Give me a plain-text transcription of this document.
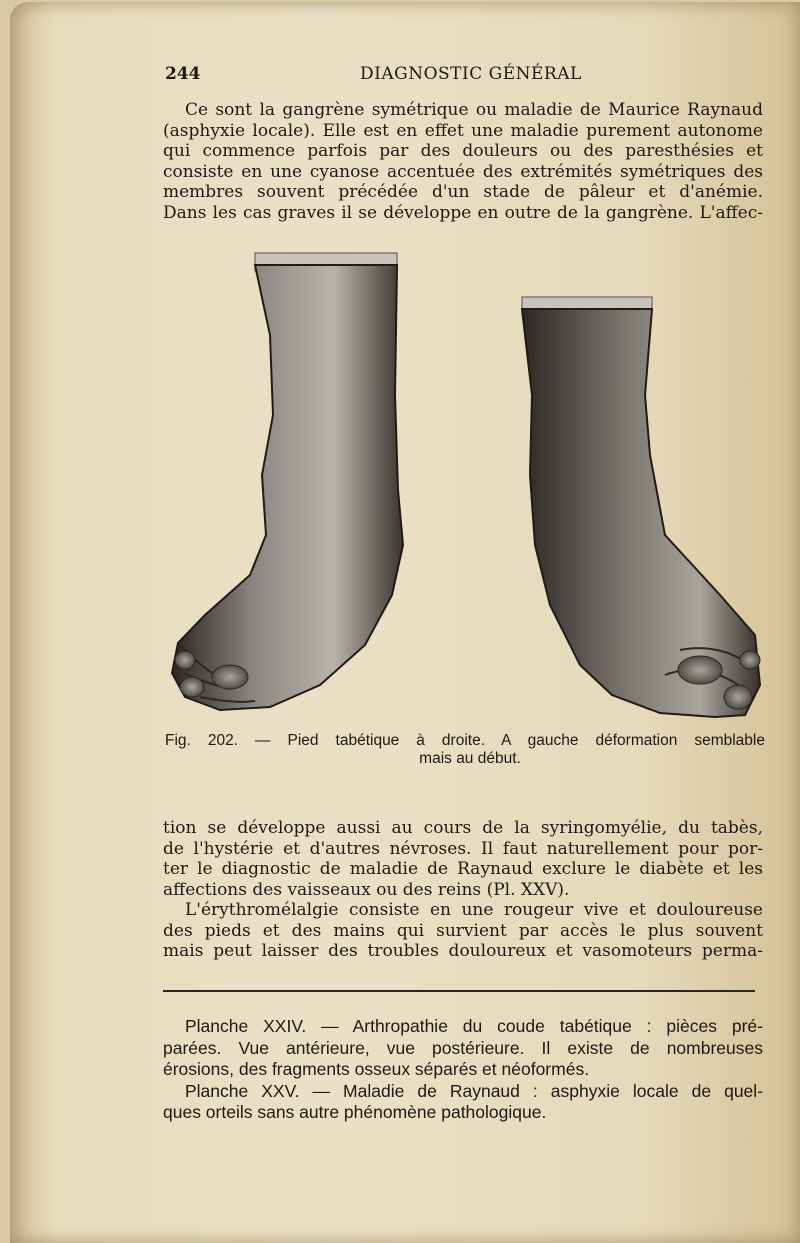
244	DIAGNOSTIC GÉNÉRAL

Ce sont la gangrène symétrique ou maladie de Maurice Raynaud
(asphyxie locale). Elle est en effet une maladie purement autonome
qui commence parfois par des douleurs ou des paresthésies et
consiste en une cyanose accentuée des extrémités symétriques des
membres souvent précédée d'un stade de pâleur et d'anémie.
Dans les cas graves il se développe en outre de la gangrène. L'affec-

Fig. 202. — Pied tabétique à droite. A gauche déformation semblable
mais au début.

tion se développe aussi au cours de la syringomyélie, du tabès,
de l'hystérie et d'autres névroses. Il faut naturellement pour por-
ter le diagnostic de maladie de Raynaud exclure le diabète et les
affections des vaisseaux ou des reins (Pl. XXV).
L'érythromélalgie consiste en une rougeur vive et douloureuse
des pieds et des mains qui survient par accès le plus souvent
mais peut laisser des troubles douloureux et vasomoteurs perma-

Planche XXIV. — Arthropathie du coude tabétique : pièces pré-
parées. Vue antérieure, vue postérieure. Il existe de nombreuses
érosions, des fragments osseux séparés et néoformés.
Planche XXV. — Maladie de Raynaud : asphyxie locale de quel-
ques orteils sans autre phénomène pathologique.
